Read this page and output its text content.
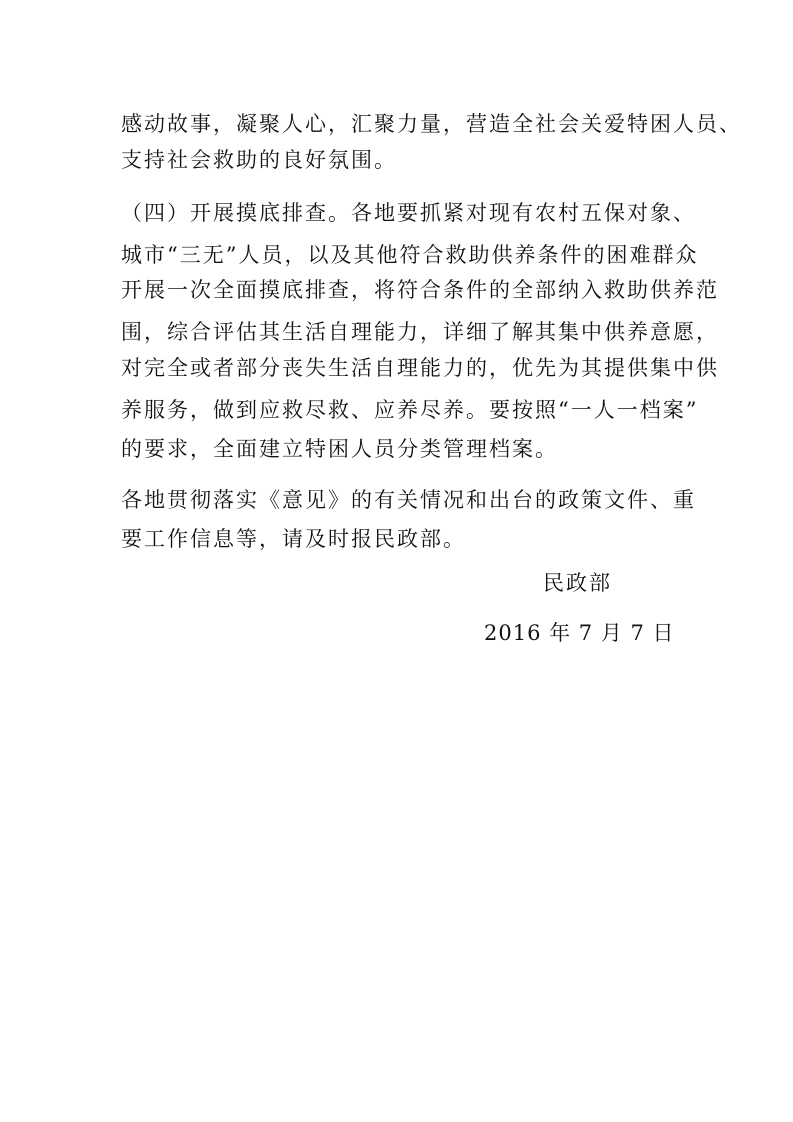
感动故事，凝聚人心，汇聚力量，营造全社会关爱特困人员、
支持社会救助的良好氛围。
（四）开展摸底排查。各地要抓紧对现有农村五保对象、
城市“三无”人员，以及其他符合救助供养条件的困难群众
开展一次全面摸底排查，将符合条件的全部纳入救助供养范
围，综合评估其生活自理能力，详细了解其集中供养意愿，
对完全或者部分丧失生活自理能力的，优先为其提供集中供
养服务，做到应救尽救、应养尽养。要按照“一人一档案”
的要求，全面建立特困人员分类管理档案。
各地贯彻落实《意见》的有关情况和出台的政策文件、重
要工作信息等，请及时报民政部。
民政部
2016 年 7 月 7 日
